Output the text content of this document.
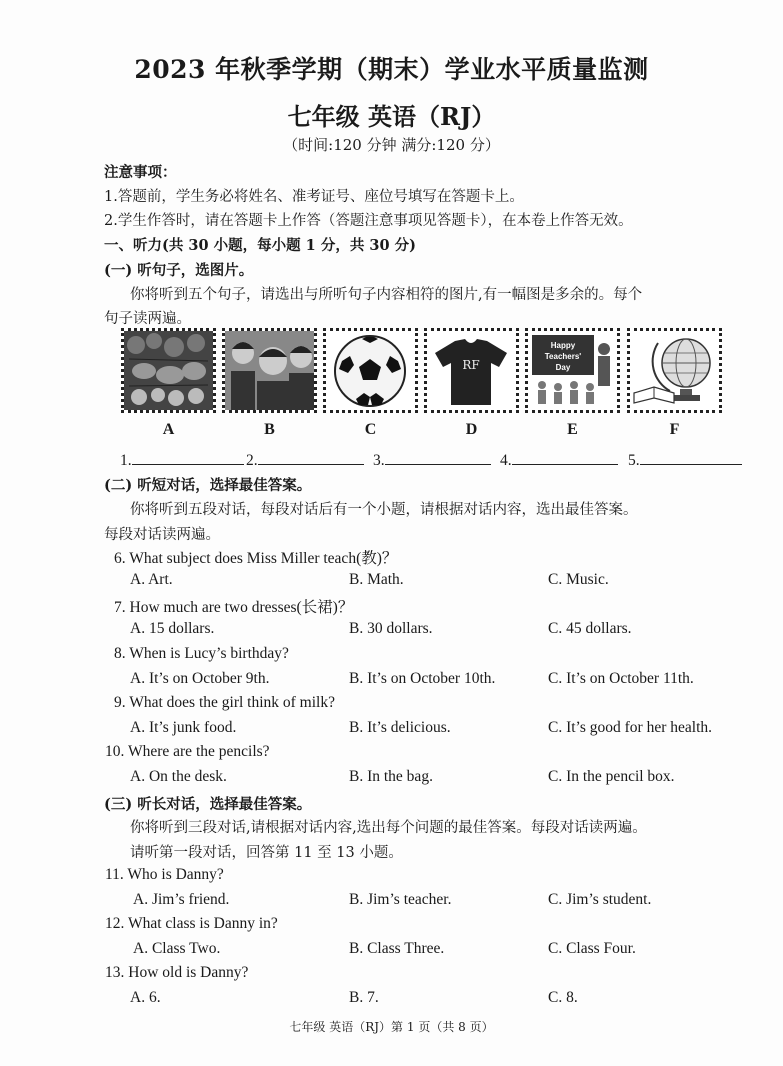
2023 年秋季学期（期末）学业水平质量监测
七年级 英语（RJ）
（时间:120 分钟 满分:120 分）
注意事项：
1.答题前，学生务必将姓名、准考证号、座位号填写在答题卡上。
2.学生作答时，请在答题卡上作答（答题注意事项见答题卡），在本卷上作答无效。
一、听力(共 30 小题，每小题 1 分，共 30 分)
(一) 听句子，选图片。
你将听到五个句子，请选出与所听句子内容相符的图片,有一幅图是多余的。每个
句子读两遍。
A	B	C
RF
D
Happy
Teachers'
Day
E	F
1.	2.	3.	4.	5.
(二) 听短对话，选择最佳答案。
你将听到五段对话，每段对话后有一个小题，请根据对话内容，选出最佳答案。
每段对话读两遍。
6. What subject does Miss Miller teach(教)？
A. Art.	B. Math.	C. Music.
7. How much are two dresses(长裙)？
A. 15 dollars.	B. 30 dollars.	C. 45 dollars.
8. When is Lucy’s birthday?
A. It’s on October 9th.	B. It’s on October 10th.	C. It’s on October 11th.
9. What does the girl think of milk?
A. It’s junk food.	B. It’s delicious.	C. It’s good for her health.
10. Where are the pencils?
A. On the desk.	B. In the bag.	C. In the pencil box.
(三) 听长对话，选择最佳答案。
你将听到三段对话,请根据对话内容,选出每个问题的最佳答案。每段对话读两遍。
请听第一段对话，回答第 11 至 13 小题。
11. Who is Danny?
A. Jim’s friend.	B. Jim’s teacher.	C. Jim’s student.
12. What class is Danny in?
A. Class Two.	B. Class Three.	C. Class Four.
13. How old is Danny?
A. 6.	B. 7.	C. 8.
七年级 英语（RJ）第 1 页（共 8 页）
